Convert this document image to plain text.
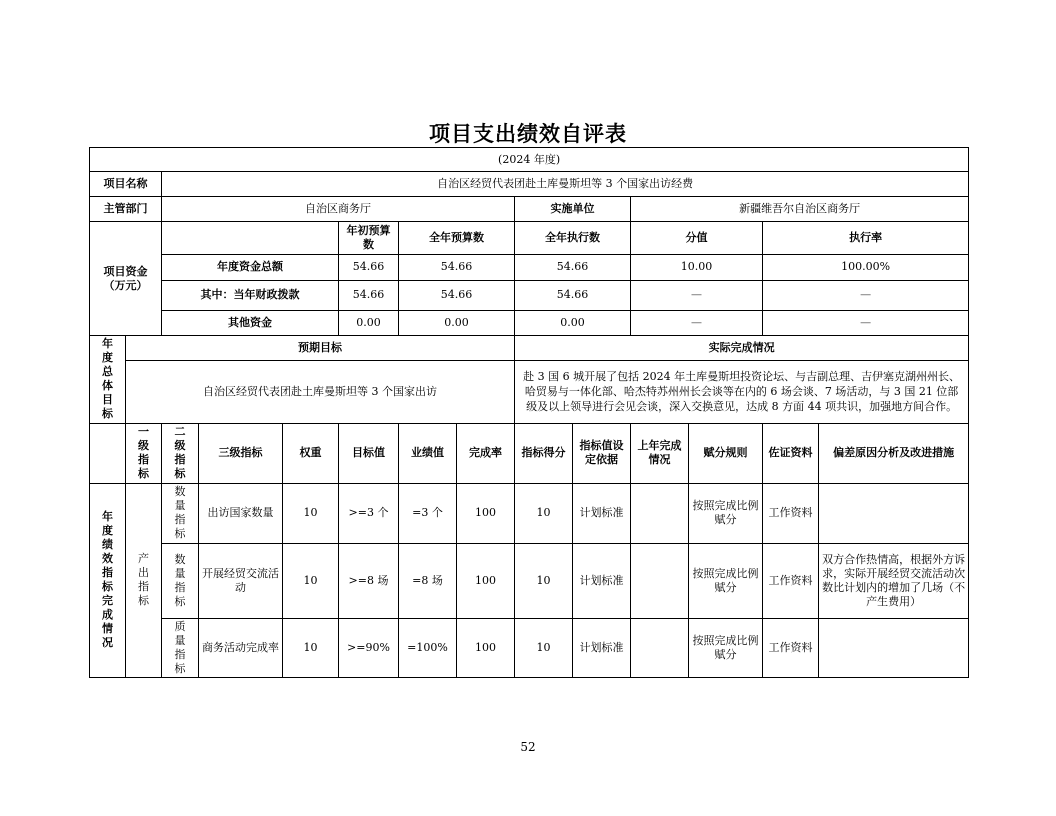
项目支出绩效自评表
(2024 年度)														
项目名称		自治区经贸代表团赴土库曼斯坦等 3 个国家出访经费												
主管部门		自治区商务厅						实施单位		新疆维吾尔自治区商务厅				
项目资金（万元）					年初预算数	全年预算数		全年执行数		分值		执行率	
		年度资金总额			54.66	54.66		54.66		10.00		100.00%	
		其中：当年财政拨款			54.66	54.66		54.66		—		—	
		其他资金			0.00	0.00		0.00		—		—	

年度总体目标	预期目标							实际完成情况						
	自治区经贸代表团赴土库曼斯坦等 3 个国家出访							赴 3 国 6 城开展了包括 2024 年土库曼斯坦投资论坛、与吉副总理、吉伊塞克湖州州长、哈贸易与一体化部、哈杰特苏州州长会谈等在内的 6 场会谈、7 场活动，与 3 国 21 位部级及以上领导进行会见会谈，深入交换意见，达成 8 方面 44 项共识，加强地方间合作。						

	一级指标	二级指标	三级指标	权重	目标值	业绩值	完成率	指标得分	指标值设定依据	上年完成情况	赋分规则	佐证资料	偏差原因分析及改进措施	

年度绩效指标完成情况	产出指标	数量指标	出访国家数量	10	>=3 个	=3 个	100	10	计划标准		按照完成比例赋分	工作资料		

		数量指标	开展经贸交流活动	10	>=8 场	=8 场	100	10	计划标准		按照完成比例赋分	工作资料	双方合作热情高，根据外方诉求，实际开展经贸交流活动次数比计划内的增加了几场（不产生费用）	

		质量指标	商务活动完成率	10	>=90%	=100%	100	10	计划标准		按照完成比例赋分	工作资料		
52
